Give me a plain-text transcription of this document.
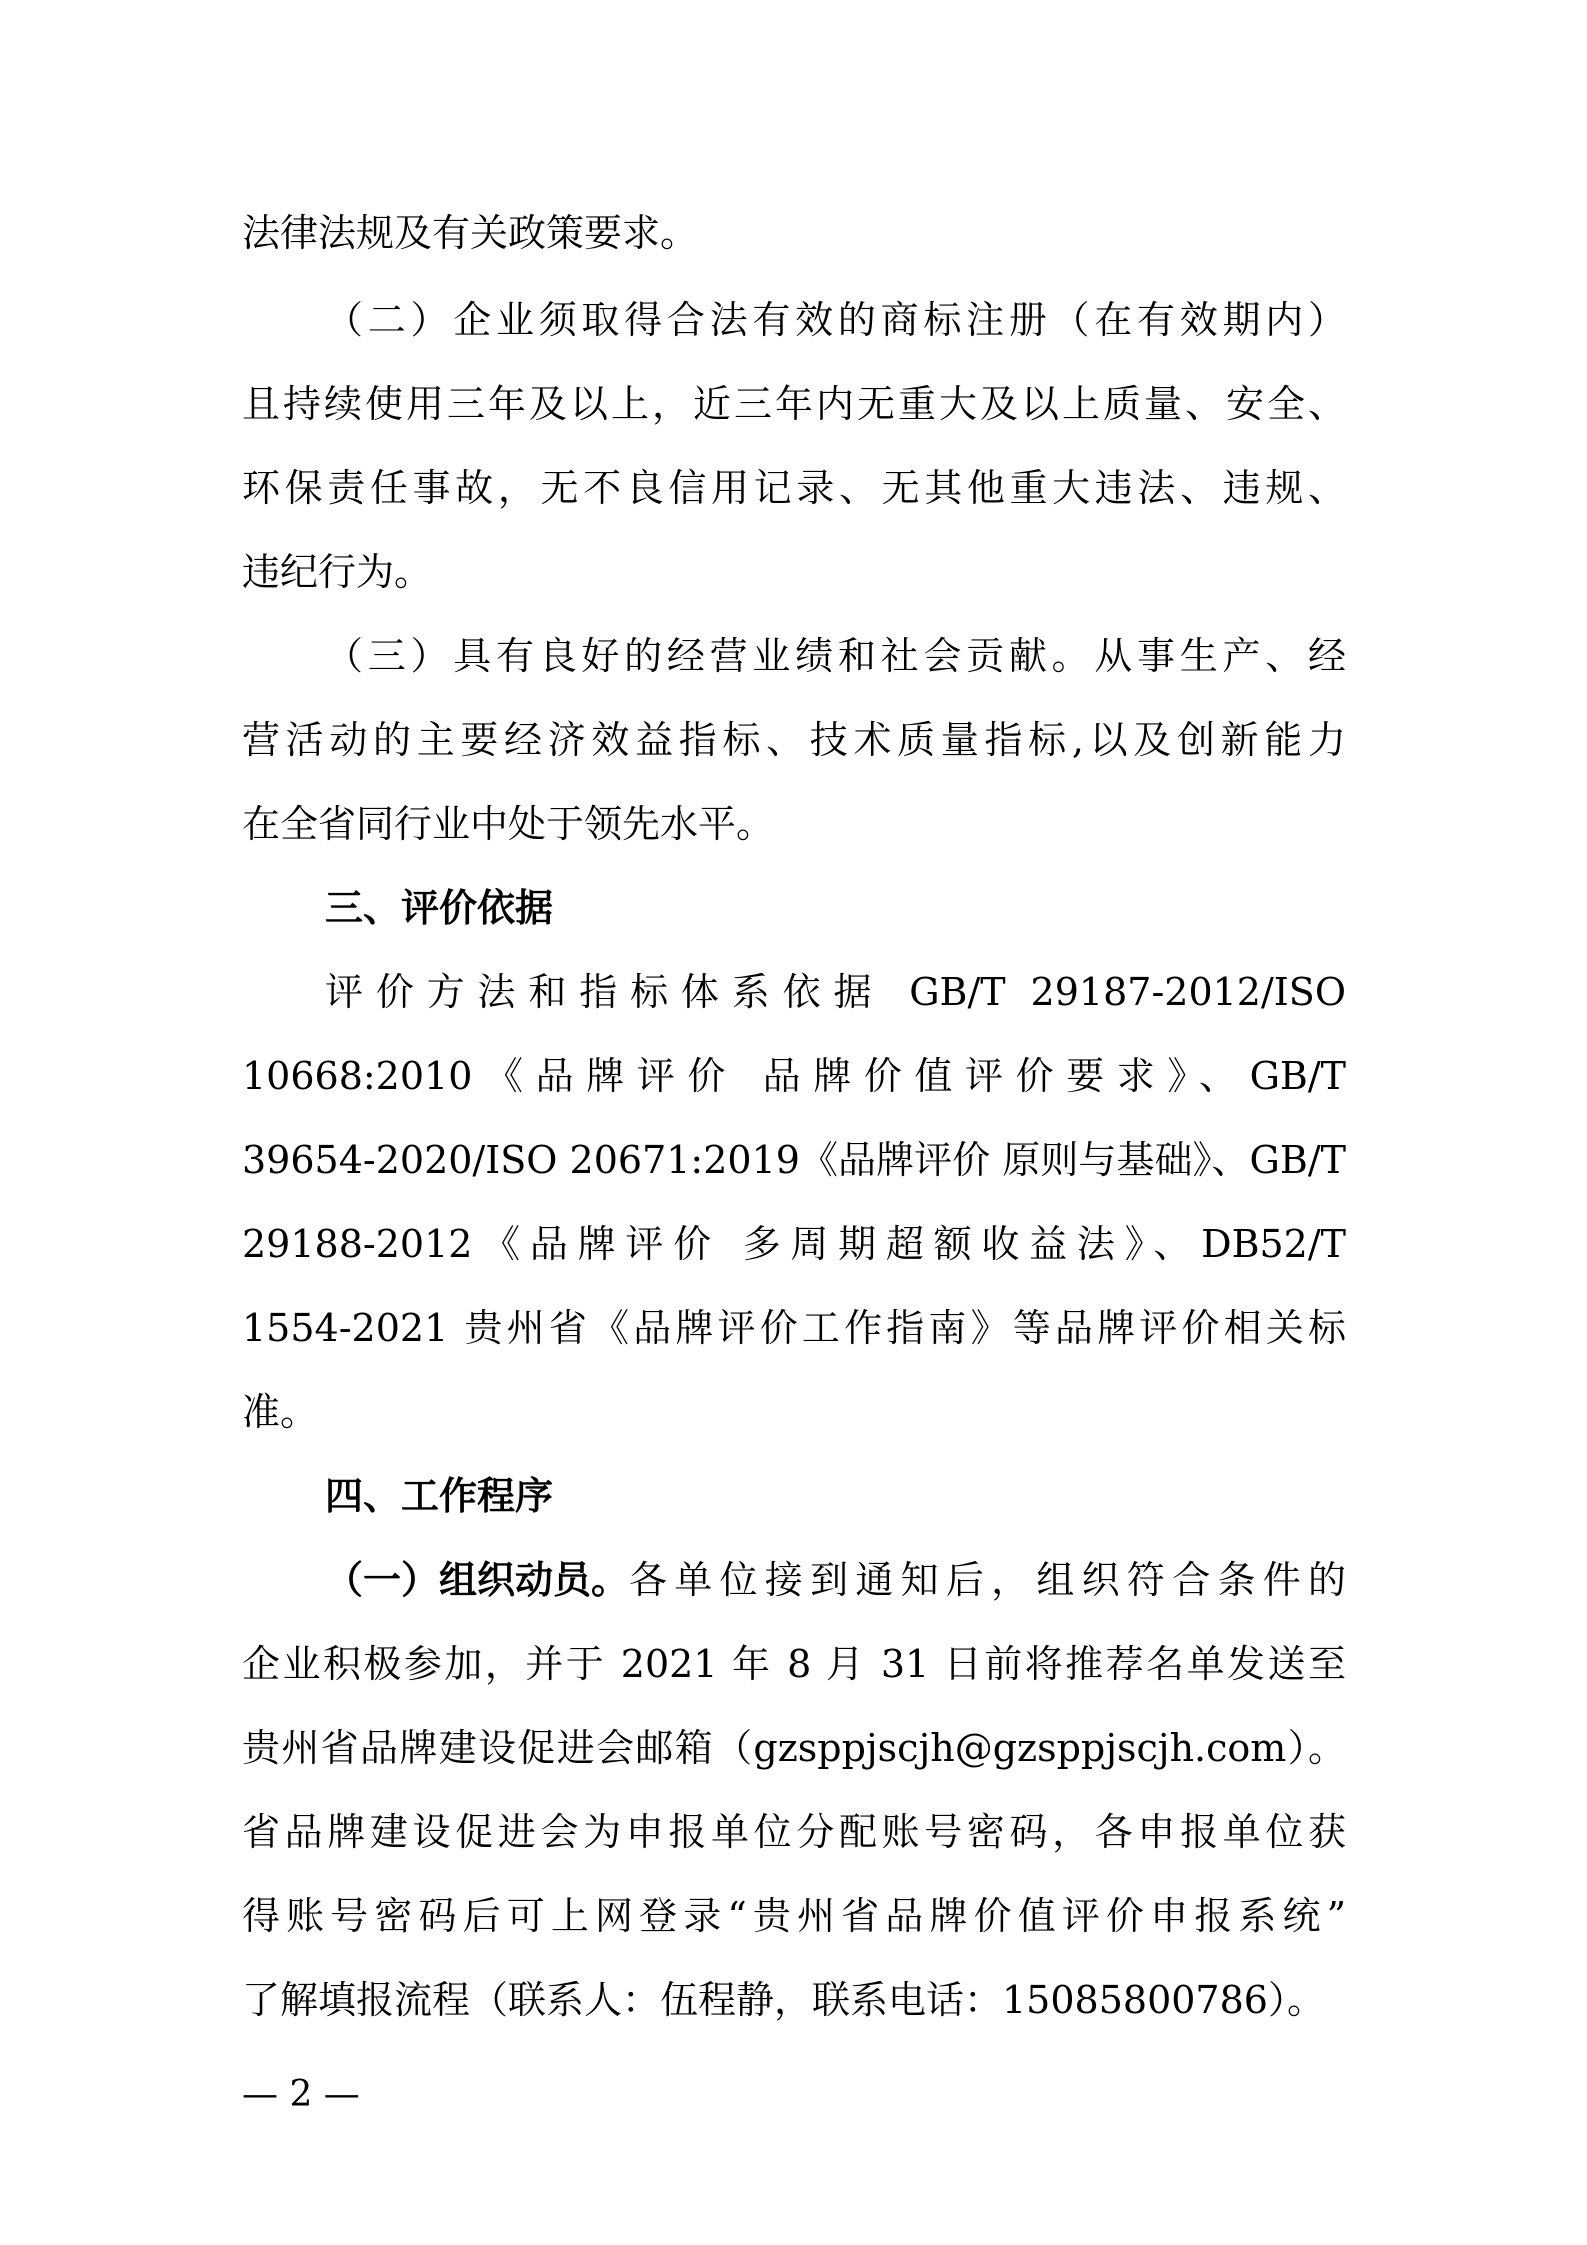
法律法规及有关政策要求。
（二）企业须取得合法有效的商标注册（在有效期内）
且持续使用三年及以上，近三年内无重大及以上质量、安全、
环保责任事故，无不良信用记录、无其他重大违法、违规、
违纪行为。
（三）具有良好的经营业绩和社会贡献。从事生产、经
营活动的主要经济效益指标、技术质量指标,以及创新能力
在全省同行业中处于领先水平。
三、评价依据
评价方法和指标体系依据 GB/T 29187-2012/ISO
10668:2010《品牌评价 品牌价值评价要求》、GB/T
39654-2020/ISO 20671:2019《品牌评价 原则与基础》、GB/T
29188-2012《品牌评价 多周期超额收益法》、DB52/T
1554-2021 贵州省《品牌评价工作指南》等品牌评价相关标
准。
四、工作程序
（一）组织动员。 各单位接到通知后，组织符合条件的
企业积极参加，并于 2021 年 8 月 31 日前将推荐名单发送至
贵州省品牌建设促进会邮箱（gzsppjscjh@gzsppjscjh.com）。
省品牌建设促进会为申报单位分配账号密码，各申报单位获
得账号密码后可上网登录“贵州省品牌价值评价申报系统”
了解填报流程（联系人：伍程静，联系电话：15085800786）。
— 2 —
